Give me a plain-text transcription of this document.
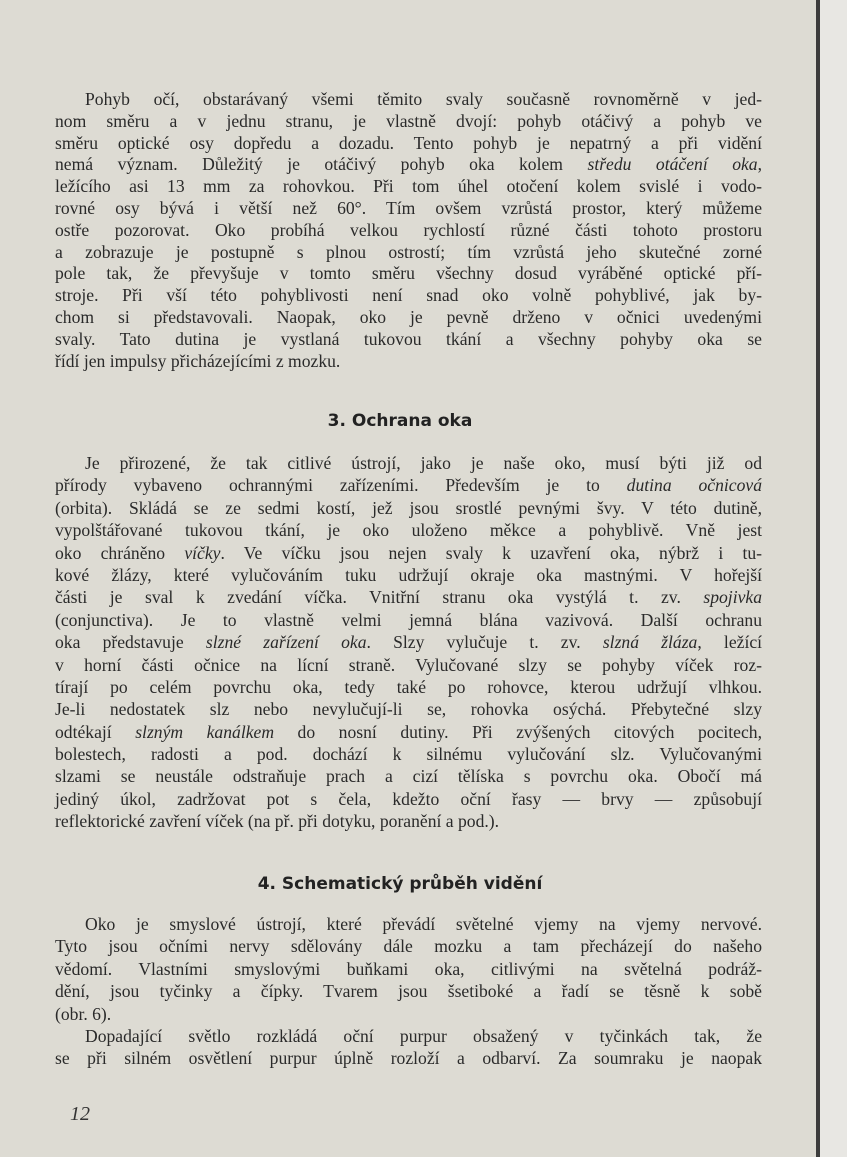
Pohyb očí, obstarávaný všemi těmito svaly současně rovnoměrně v jed-
nom směru a v jednu stranu, je vlastně dvojí: pohyb otáčivý a pohyb ve
směru optické osy dopředu a dozadu. Tento pohyb je nepatrný a při vidění
nemá význam. Důležitý je otáčivý pohyb oka kolem středu otáčení oka,
ležícího asi 13 mm za rohovkou. Při tom úhel otočení kolem svislé i vodo-
rovné osy bývá i větší než 60°. Tím ovšem vzrůstá prostor, který můžeme
ostře pozorovat. Oko probíhá velkou rychlostí různé části tohoto prostoru
a zobrazuje je postupně s plnou ostrostí; tím vzrůstá jeho skutečné zorné
pole tak, že převyšuje v tomto směru všechny dosud vyráběné optické pří-
stroje. Při vší této pohyblivosti není snad oko volně pohyblivé, jak by-
chom si představovali. Naopak, oko je pevně drženo v očnici uvedenými
svaly. Tato dutina je vystlaná tukovou tkání a všechny pohyby oka se
řídí jen impulsy přicházejícími z mozku.
3. Ochrana oka
Je přirozené, že tak citlivé ústrojí, jako je naše oko, musí býti již od
přírody vybaveno ochrannými zařízeními. Především je to dutina očnicová
(orbita). Skládá se ze sedmi kostí, jež jsou srostlé pevnými švy. V této dutině,
vypolštářované tukovou tkání, je oko uloženo měkce a pohyblivě. Vně jest
oko chráněno víčky. Ve víčku jsou nejen svaly k uzavření oka, nýbrž i tu-
kové žlázy, které vylučováním tuku udržují okraje oka mastnými. V hořejší
části je sval k zvedání víčka. Vnitřní stranu oka vystýlá t. zv. spojivka
(conjunctiva). Je to vlastně velmi jemná blána vazivová. Další ochranu
oka představuje slzné zařízení oka. Slzy vylučuje t. zv. slzná žláza, ležící
v horní části očnice na lícní straně. Vylučované slzy se pohyby víček roz-
tírají po celém povrchu oka, tedy také po rohovce, kterou udržují vlhkou.
Je-li nedostatek slz nebo nevylučují-li se, rohovka osýchá. Přebytečné slzy
odtékají slzným kanálkem do nosní dutiny. Při zvýšených citových pocitech,
bolestech, radosti a pod. dochází k silnému vylučování slz. Vylučovanými
slzami se neustále odstraňuje prach a cizí tělíska s povrchu oka. Obočí má
jediný úkol, zadržovat pot s čela, kdežto oční řasy — brvy — způsobují
reflektorické zavření víček (na př. při dotyku, poranění a pod.).
4. Schematický průběh vidění
Oko je smyslové ústrojí, které převádí světelné vjemy na vjemy nervové.
Tyto jsou očními nervy sdělovány dále mozku a tam přecházejí do našeho
vědomí. Vlastními smyslovými buňkami oka, citlivými na světelná podráž-
dění, jsou tyčinky a čípky. Tvarem jsou šsetiboké a řadí se těsně k sobě
(obr. 6).
Dopadající světlo rozkládá oční purpur obsažený v tyčinkách tak, že
se při silném osvětlení purpur úplně rozloží a odbarví. Za soumraku je naopak
12
